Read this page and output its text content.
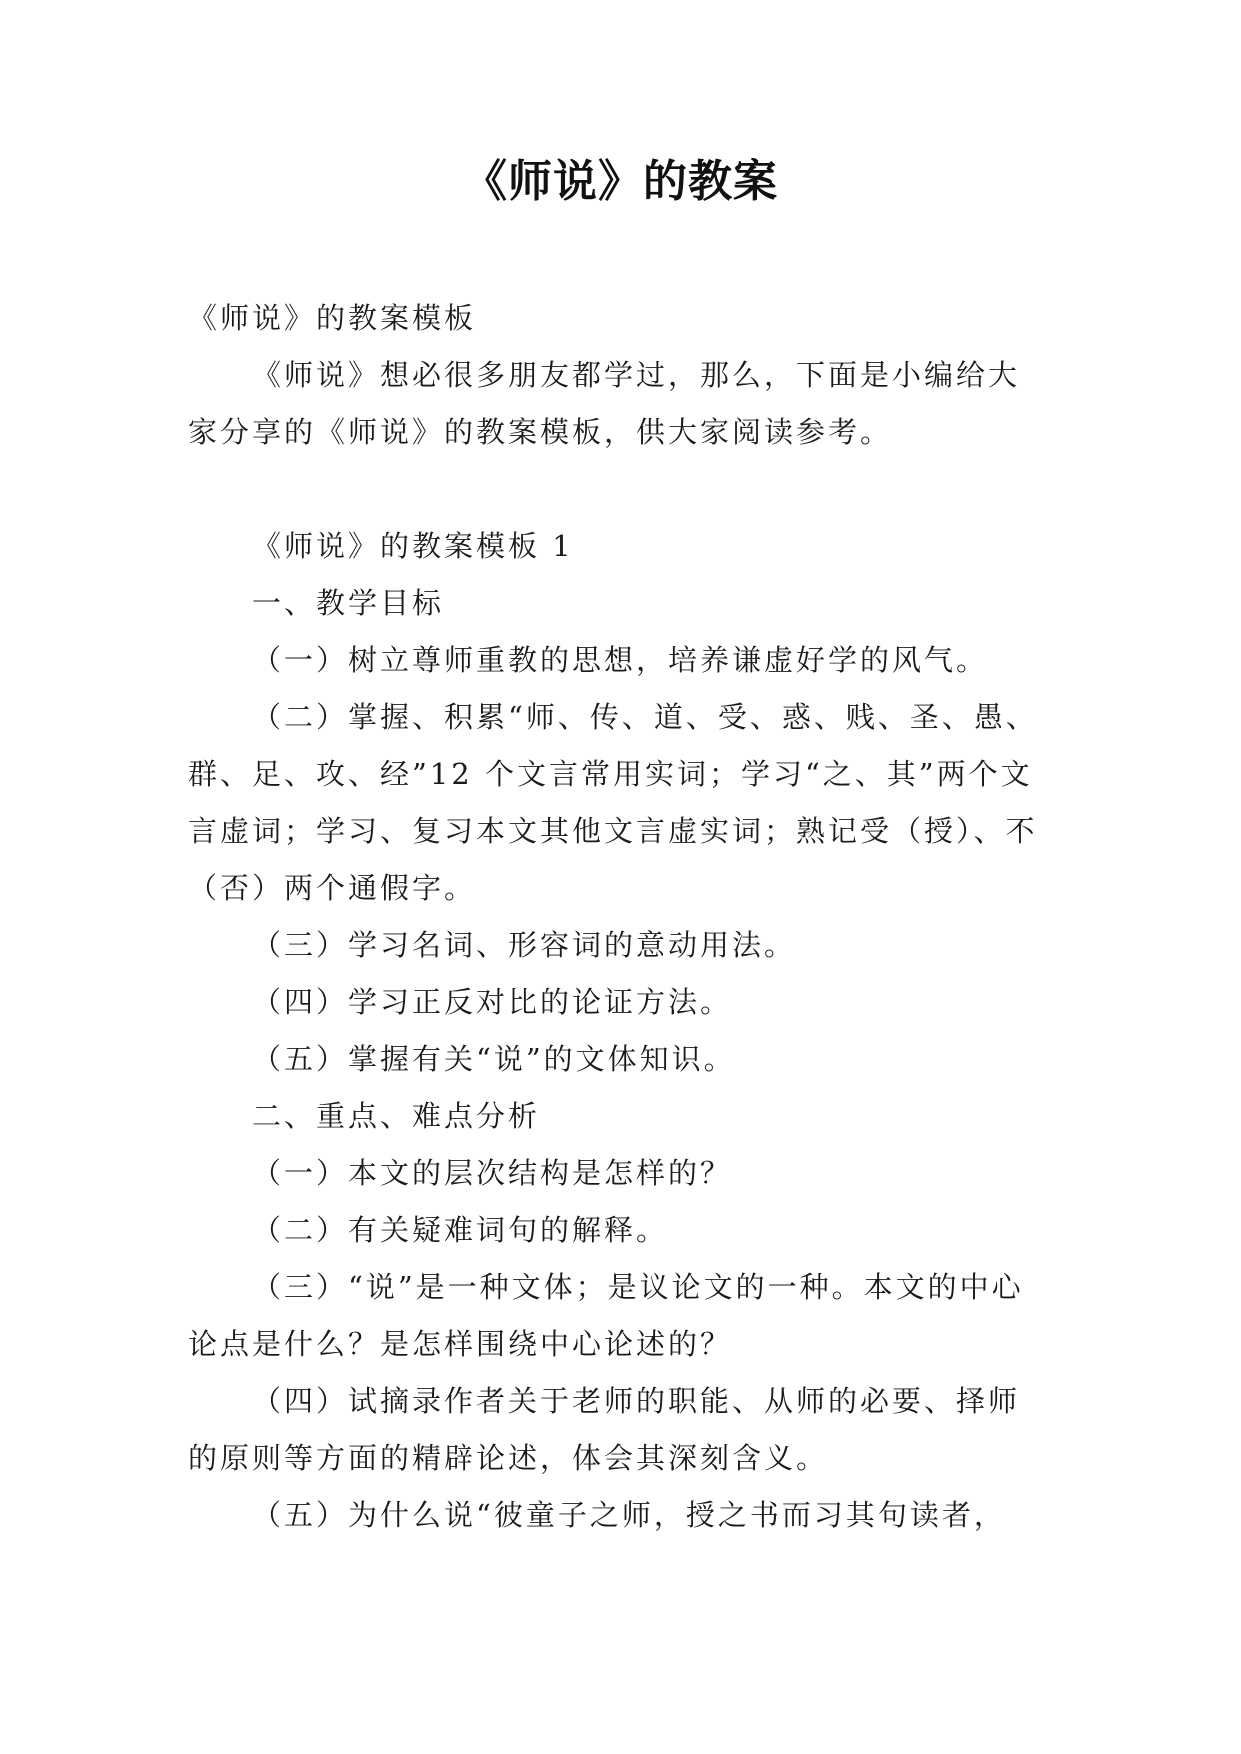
《师说》的教案

《师说》的教案模板

《师说》想必很多朋友都学过，那么，下面是小编给大家分享的《师说》的教案模板，供大家阅读参考。

《师说》的教案模板 1

一、教学目标

（一）树立尊师重教的思想，培养谦虚好学的风气。

（二）掌握、积累“师、传、道、受、惑、贱、圣、愚、群、足、攻、经”12 个文言常用实词；学习“之、其”两个文言虚词；学习、复习本文其他文言虚实词；熟记受（授）、不（否）两个通假字。

（三）学习名词、形容词的意动用法。

（四）学习正反对比的论证方法。

（五）掌握有关“说”的文体知识。

二、重点、难点分析

（一）本文的层次结构是怎样的？

（二）有关疑难词句的解释。

（三）“说”是一种文体；是议论文的一种。本文的中心论点是什么？是怎样围绕中心论述的？

（四）试摘录作者关于老师的职能、从师的必要、择师的原则等方面的精辟论述，体会其深刻含义。

（五）为什么说“彼童子之师，授之书而习其句读者，
